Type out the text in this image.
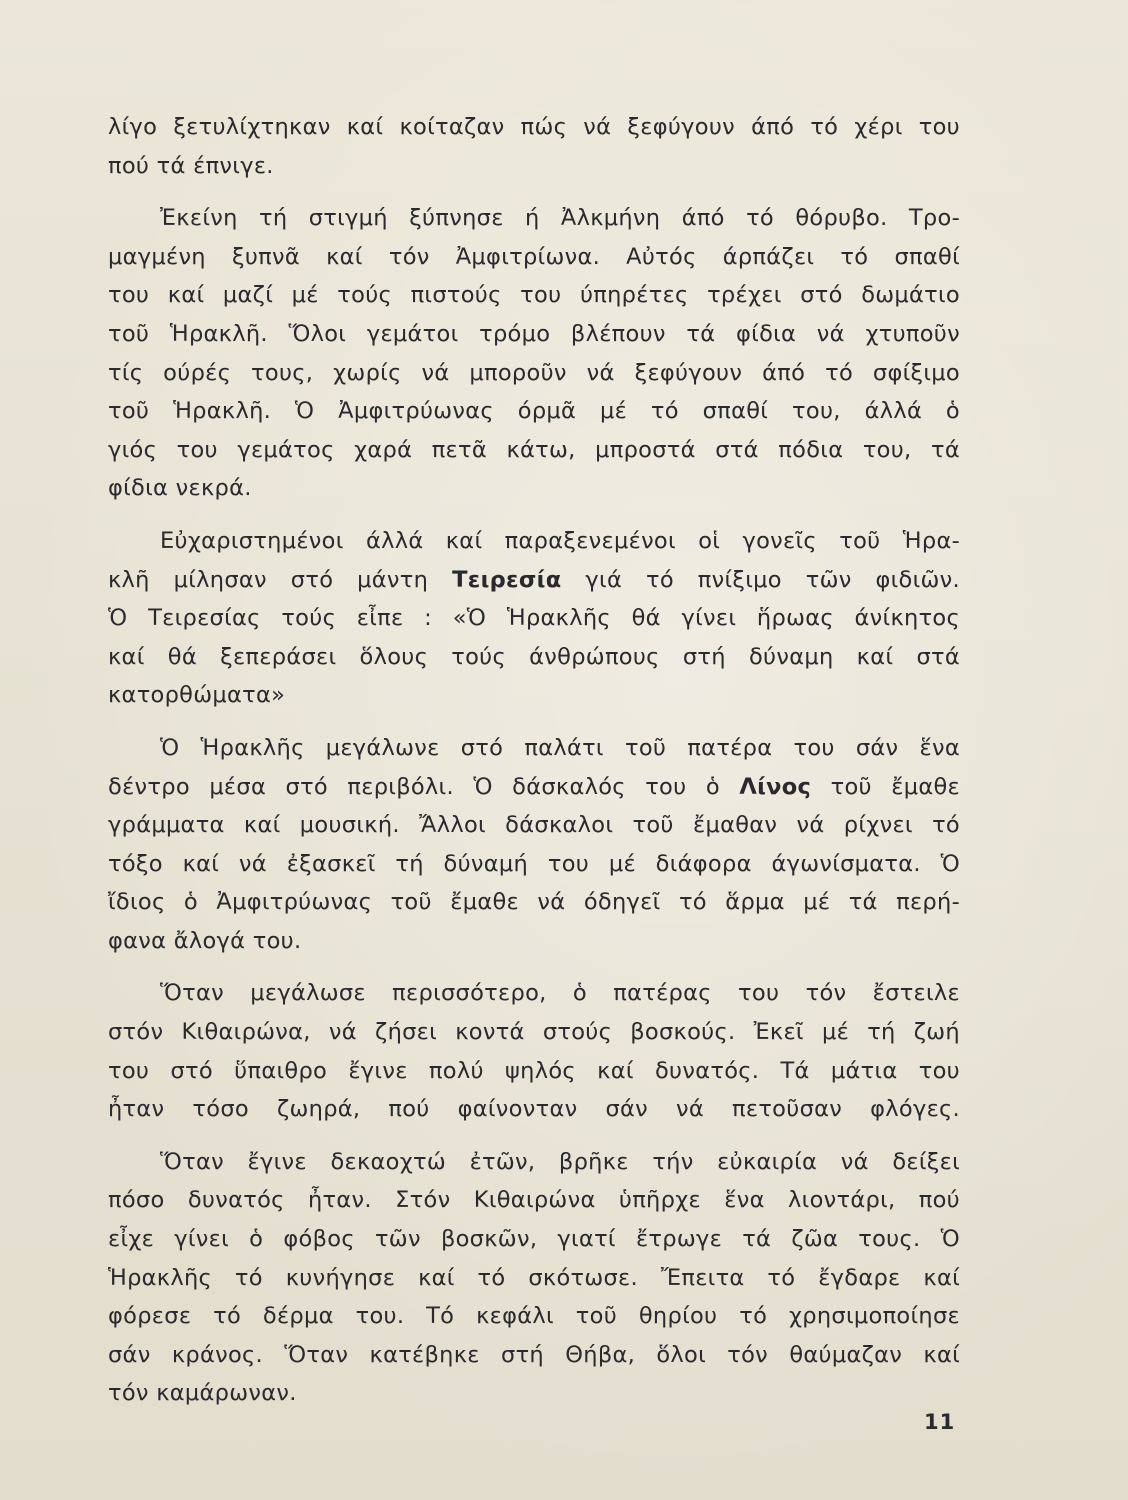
λίγο ξετυλίχτηκαν καί κοίταζαν πώς νά ξεφύγουν άπό τό χέρι του
πού τά έπνιγε.
Ἐκείνη τή στιγμή ξύπνησε ή Ἀλκμήνη άπό τό θόρυβο. Τρο-
μαγμένη ξυπνᾶ καί τόν Ἀμφιτρίωνα. Αὐτός άρπάζει τό σπαθί
του καί μαζί μέ τούς πιστούς του ύπηρέτες τρέχει στό δωμάτιο
τοῦ Ἡρακλῆ. Ὅλοι γεμάτοι τρόμο βλέπουν τά φίδια νά χτυποῦν
τίς ούρές τους, χωρίς νά μποροῦν νά ξεφύγουν άπό τό σφίξιμο
τοῦ Ἡρακλῆ. Ὁ Ἀμφιτρύωνας όρμᾶ μέ τό σπαθί του, άλλά ὁ
γιός του γεμάτος χαρά πετᾶ κάτω, μπροστά στά πόδια του, τά
φίδια νεκρά.
Εὐχαριστημένοι άλλά καί παραξενεμένοι οἱ γονεῖς τοῦ Ἡρα-
κλῆ μίλησαν στό μάντη Τειρεσία γιά τό πνίξιμο τῶν φιδιῶν.
Ὁ Τειρεσίας τούς εἶπε : «Ὁ Ἡρακλῆς θά γίνει ἥρωας άνίκητος
καί θά ξεπεράσει ὅλους τούς άνθρώπους στή δύναμη καί στά
κατορθώματα»
Ὁ Ἡρακλῆς μεγάλωνε στό παλάτι τοῦ πατέρα του σάν ἕνα
δέντρο μέσα στό περιβόλι. Ὁ δάσκαλός του ὁ Λίνος τοῦ ἔμαθε
γράμματα καί μουσική. Ἄλλοι δάσκαλοι τοῦ ἔμαθαν νά ρίχνει τό
τόξο καί νά ἐξασκεῖ τή δύναμή του μέ διάφορα άγωνίσματα. Ὁ
ἴδιος ὁ Ἀμφιτρύωνας τοῦ ἔμαθε νά όδηγεῖ τό ἅρμα μέ τά περή-
φανα ἄλογά του.
Ὅταν μεγάλωσε περισσότερο, ὁ πατέρας του τόν ἔστειλε
στόν Κιθαιρώνα, νά ζήσει κοντά στούς βοσκούς. Ἐκεῖ μέ τή ζωή
του στό ὕπαιθρο ἔγινε πολύ ψηλός καί δυνατός. Τά μάτια του
ἦταν τόσο ζωηρά, πού φαίνονταν σάν νά πετοῦσαν φλόγες.
Ὅταν ἔγινε δεκαοχτώ ἐτῶν, βρῆκε τήν εὐκαιρία νά δείξει
πόσο δυνατός ἦταν. Στόν Κιθαιρώνα ὑπῆρχε ἕνα λιοντάρι, πού
εἶχε γίνει ὁ φόβος τῶν βοσκῶν, γιατί ἔτρωγε τά ζῶα τους. Ὁ
Ἡρακλῆς τό κυνήγησε καί τό σκότωσε. Ἔπειτα τό ἔγδαρε καί
φόρεσε τό δέρμα του. Τό κεφάλι τοῦ θηρίου τό χρησιμοποίησε
σάν κράνος. Ὅταν κατέβηκε στή Θήβα, ὅλοι τόν θαύμαζαν καί
τόν καμάρωναν.
11
